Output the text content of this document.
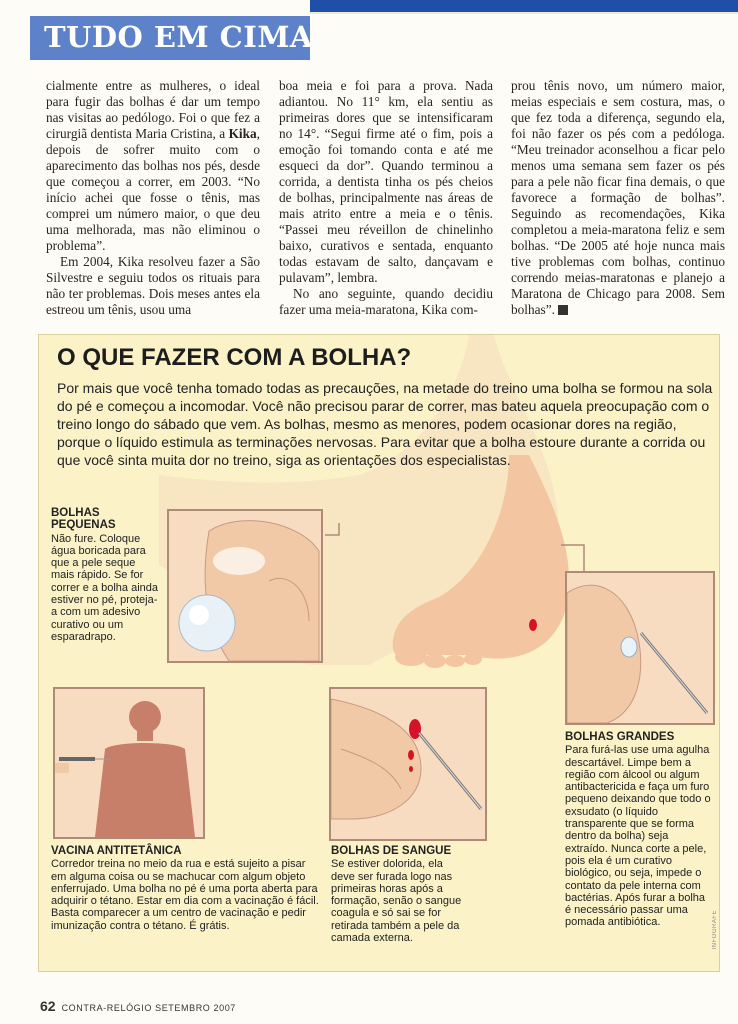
TUDO EM CIMA

cialmente entre as mulheres, o ideal para fugir das bolhas é dar um tempo nas visitas ao pedólogo. Foi o que fez a cirurgiã dentista Maria Cristina, a Kika, depois de sofrer muito com o aparecimento das bolhas nos pés, desde que começou a correr, em 2003. “No início achei que fosse o tênis, mas comprei um número maior, o que deu uma melhorada, mas não eliminou o problema”.

Em 2004, Kika resolveu fazer a São Silvestre e seguiu todos os rituais para não ter problemas. Dois meses antes ela estreou um tênis, usou uma

boa meia e foi para a prova. Nada adiantou. No 11° km, ela sentiu as primeiras dores que se intensificaram no 14°. “Segui firme até o fim, pois a emoção foi tomando conta e até me esqueci da dor”. Quando terminou a corrida, a dentista tinha os pés cheios de bolhas, principalmente nas áreas de mais atrito entre a meia e o tênis. “Passei meu réveillon de chinelinho baixo, curativos e sentada, enquanto todas estavam de salto, dançavam e pulavam”, lembra.

No ano seguinte, quando decidiu fazer uma meia-maratona, Kika com-

prou tênis novo, um número maior, meias especiais e sem costura, mas, o que fez toda a diferença, segundo ela, foi não fazer os pés com a pedóloga. “Meu treinador aconselhou a ficar pelo menos uma semana sem fazer os pés para a pele não ficar fina demais, o que favorece a formação de bolhas”. Seguindo as recomendações, Kika completou a meia-maratona feliz e sem bolhas. “De 2005 até hoje nunca mais tive problemas com bolhas, continuo correndo meias-maratonas e planejo a Maratona de Chicago para 2008. Sem bolhas”.

O QUE FAZER COM A BOLHA?
Por mais que você tenha tomado todas as precauções, na metade do treino uma bolha se formou na sola do pé e começou a incomodar. Você não precisou parar de correr, mas bateu aquela preocupação com o treino longo do sábado que vem. As bolhas, mesmo as menores, podem ocasionar dores na região, porque o líquido estimula as terminações nervosas. Para evitar que a bolha estoure durante a corrida ou que você sinta muita dor no treino, siga as orientações dos especialistas.
BOLHAS PEQUENAS
Não fure. Coloque água boricada para que a pele seque mais rápido. Se for correr e a bolha ainda estiver no pé, proteja-a com um adesivo curativo ou um esparadrapo.
BOLHAS GRANDES
Para furá-las use uma agulha descartável. Limpe bem a região com álcool ou algum antibactericida e faça um furo pequeno deixando que todo o exsudato (o líquido transparente que se forma dentro da bolha) seja extraído. Nunca corte a pele, pois ela é um curativo biológico, ou seja, impede o contato da pele interna com bactérias. Após furar a bolha é necessário passar uma pomada antibiótica.
BOLHAS DE SANGUE
Se estiver dolorida, ela deve ser furada logo nas primeiras horas após a formação, senão o sangue coagula e só sai se for retirada também a pele da camada externa.
VACINA ANTITETÂNICA
Corredor treina no meio da rua e está sujeito a pisar em alguma coisa ou se machucar com algum objeto enferrujado. Uma bolha no pé é uma porta aberta para adquirir o tétano. Estar em dia com a vacinação é fácil. Basta comparecer a um centro de vacinação e pedir imunização contra o tétano. É grátis.	INFOGRAFE
62 CONTRA-RELÓGIO SETEMBRO 2007
